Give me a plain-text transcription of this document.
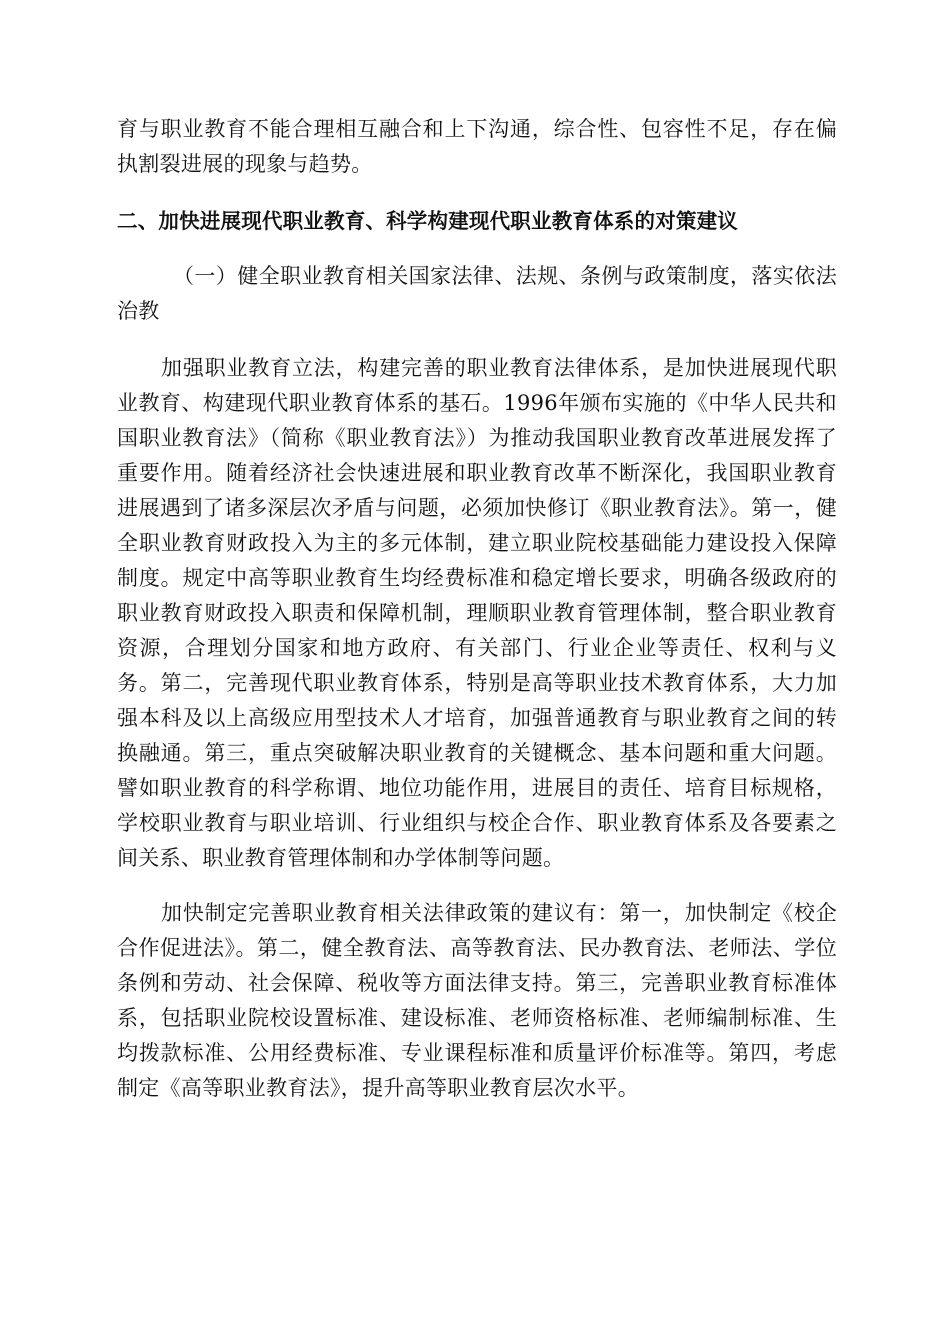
育与职业教育不能合理相互融合和上下沟通，综合性、包容性不足，存在偏执割裂进展的现象与趋势。

二、加快进展现代职业教育、科学构建现代职业教育体系的对策建议

（一）健全职业教育相关国家法律、法规、条例与政策制度，落实依法治教

加强职业教育立法，构建完善的职业教育法律体系，是加快进展现代职业教育、构建现代职业教育体系的基石。1996年颁布实施的《中华人民共和国职业教育法》（简称《职业教育法》）为推动我国职业教育改革进展发挥了重要作用。随着经济社会快速进展和职业教育改革不断深化，我国职业教育进展遇到了诸多深层次矛盾与问题，必须加快修订《职业教育法》。第一，健全职业教育财政投入为主的多元体制，建立职业院校基础能力建设投入保障制度。规定中高等职业教育生均经费标准和稳定增长要求，明确各级政府的职业教育财政投入职责和保障机制，理顺职业教育管理体制，整合职业教育资源，合理划分国家和地方政府、有关部门、行业企业等责任、权利与义务。第二，完善现代职业教育体系，特别是高等职业技术教育体系，大力加强本科及以上高级应用型技术人才培育，加强普通教育与职业教育之间的转换融通。第三，重点突破解决职业教育的关键概念、基本问题和重大问题。譬如职业教育的科学称谓、地位功能作用，进展目的责任、培育目标规格，学校职业教育与职业培训、行业组织与校企合作、职业教育体系及各要素之间关系、职业教育管理体制和办学体制等问题。

加快制定完善职业教育相关法律政策的建议有：第一，加快制定《校企合作促进法》。第二，健全教育法、高等教育法、民办教育法、老师法、学位条例和劳动、社会保障、税收等方面法律支持。第三，完善职业教育标准体系，包括职业院校设置标准、建设标准、老师资格标准、老师编制标准、生均拨款标准、公用经费标准、专业课程标准和质量评价标准等。第四，考虑制定《高等职业教育法》，提升高等职业教育层次水平。
